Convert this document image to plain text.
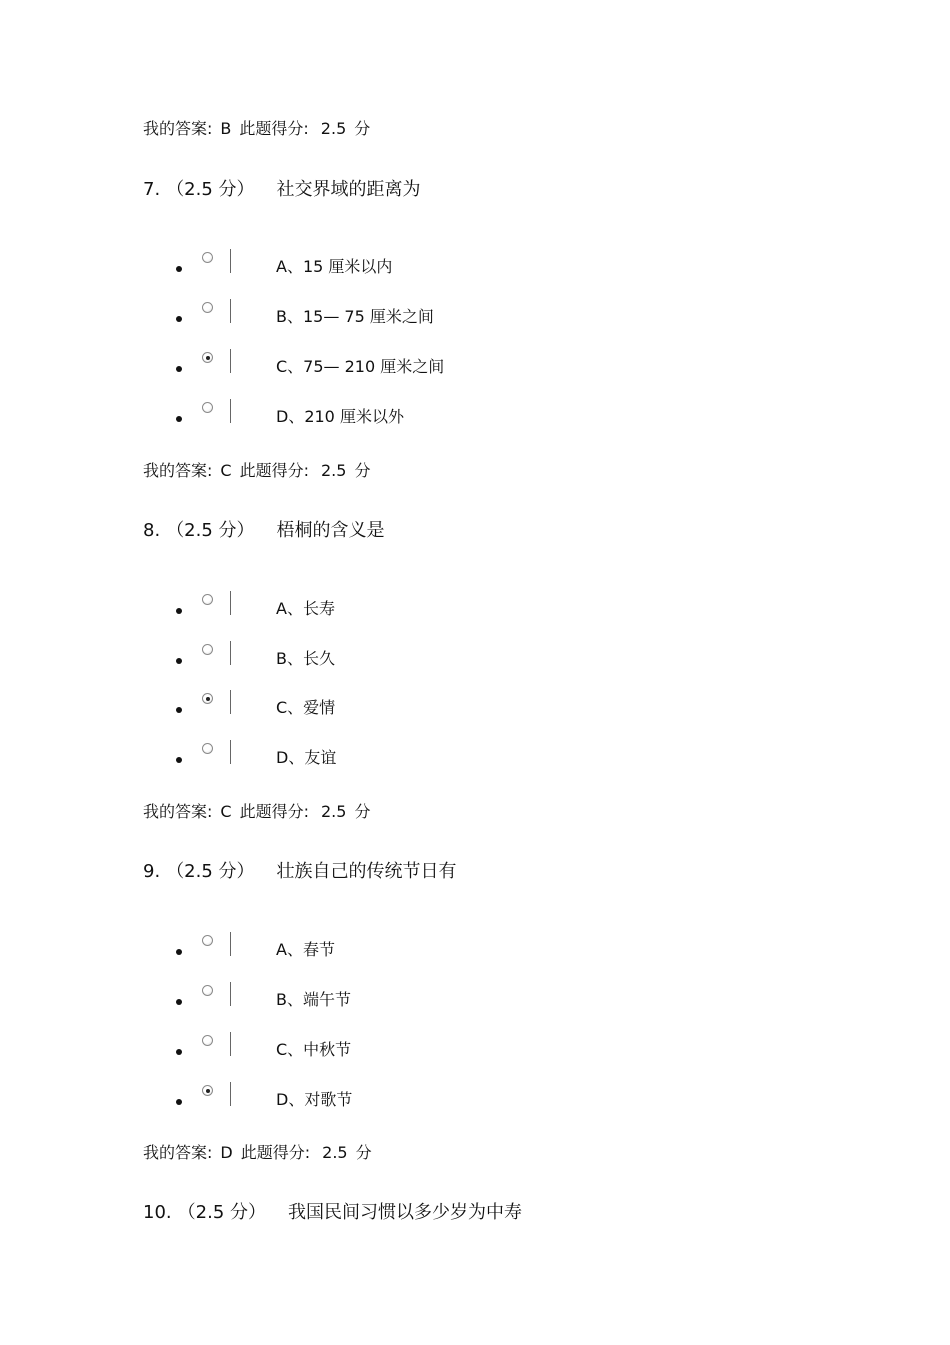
我的答案: B 此题得分: 2.5 分
7. （2.5 分） 社交界域的距离为
A、15 厘米以内
B、15— 75 厘米之间
C、75— 210 厘米之间
D、210 厘米以外
我的答案: C 此题得分: 2.5 分
8. （2.5 分） 梧桐的含义是
A、长寿
B、长久
C、爱情
D、友谊
我的答案: C 此题得分: 2.5 分
9. （2.5 分） 壮族自己的传统节日有
A、春节
B、端午节
C、中秋节
D、对歌节
我的答案: D 此题得分: 2.5 分
10. （2.5 分） 我国民间习惯以多少岁为中寿
